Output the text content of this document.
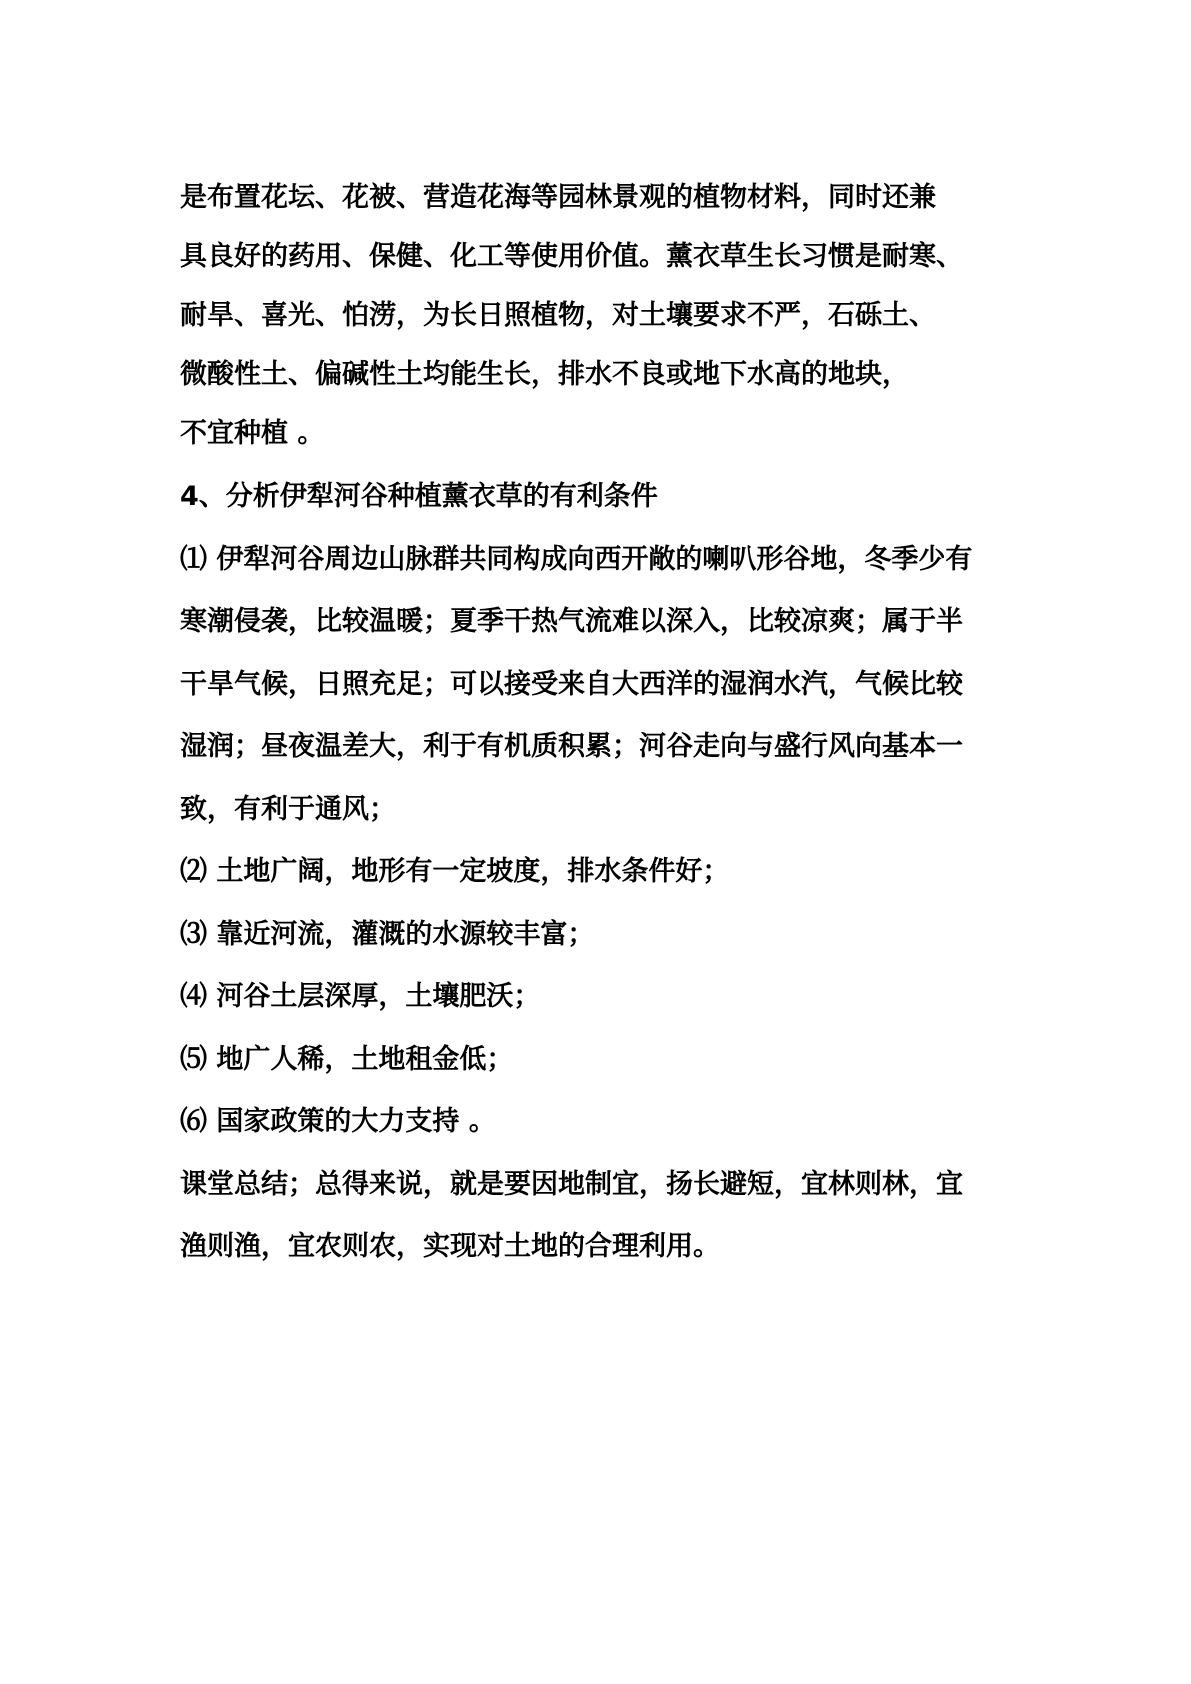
是布置花坛、花被、营造花海等园林景观的植物材料，同时还兼

具良好的药用、保健、化工等使用价值。薰衣草生长习惯是耐寒、

耐旱、喜光、怕涝，为长日照植物，对土壤要求不严，石砾土、

微酸性土、偏碱性土均能生长，排水不良或地下水高的地块，

不宜种植 。

4、分析伊犁河谷种植薰衣草的有利条件

⑴ 伊犁河谷周边山脉群共同构成向西开敞的喇叭形谷地，冬季少有

寒潮侵袭，比较温暖；夏季干热气流难以深入，比较凉爽；属于半

干旱气候，日照充足；可以接受来自大西洋的湿润水汽，气候比较

湿润；昼夜温差大，利于有机质积累；河谷走向与盛行风向基本一

致，有利于通风；

⑵ 土地广阔，地形有一定坡度，排水条件好；

⑶ 靠近河流，灌溉的水源较丰富；

⑷ 河谷土层深厚，土壤肥沃；

⑸ 地广人稀，土地租金低；

⑹ 国家政策的大力支持 。

课堂总结；总得来说，就是要因地制宜，扬长避短，宜林则林，宜

渔则渔，宜农则农，实现对土地的合理利用。
